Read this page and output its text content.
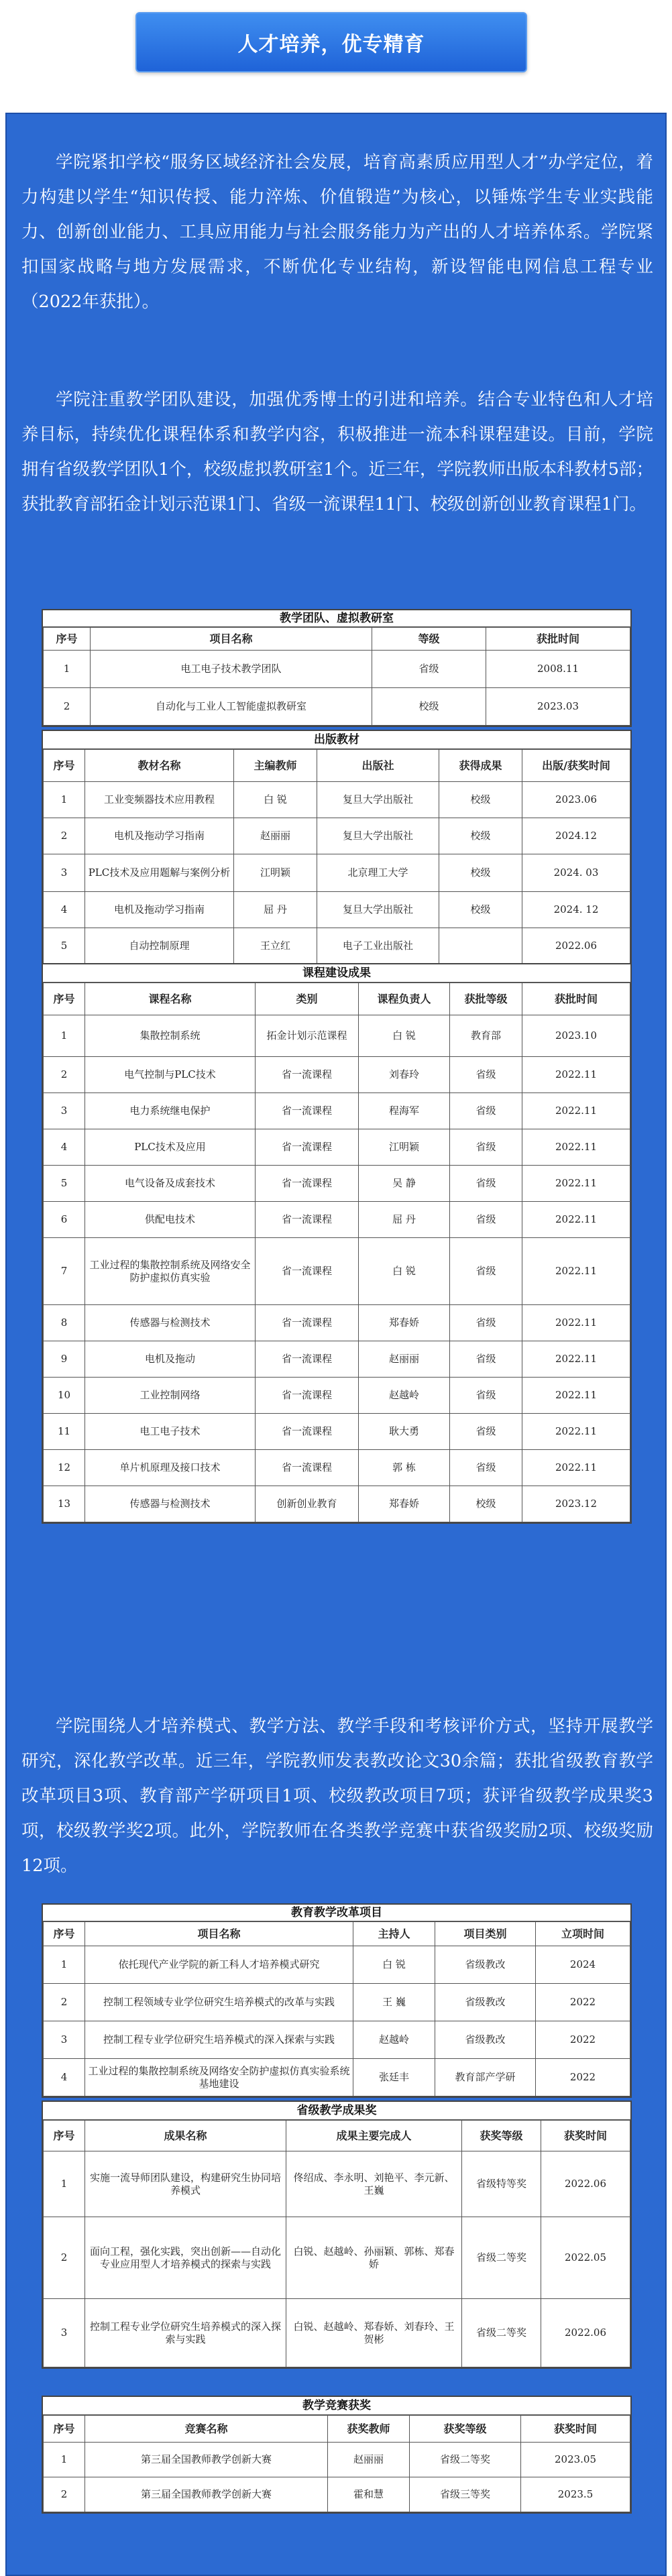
人才培养，优专精育

学院紧扣学校“服务区域经济社会发展，培育高素质应用型人才”办学定位，着力构建以学生“知识传授、能力淬炼、价值锻造”为核心，以锤炼学生专业实践能力、创新创业能力、工具应用能力与社会服务能力为产出的人才培养体系。学院紧扣国家战略与地方发展需求，不断优化专业结构，新设智能电网信息工程专业（2022年获批）。

学院注重教学团队建设，加强优秀博士的引进和培养。结合专业特色和人才培养目标，持续优化课程体系和教学内容，积极推进一流本科课程建设。目前，学院拥有省级教学团队1个，校级虚拟教研室1个。近三年，学院教师出版本科教材5部；获批教育部拓金计划示范课1门、省级一流课程11门、校级创新创业教育课程1门。

教学团队、虚拟教研室
序号	项目名称	等级	获批时间
1	电工电子技术教学团队	省级	2008.11
2	自动化与工业人工智能虚拟教研室	校级	2023.03
出版教材
序号	教材名称	主编教师	出版社	获得成果	出版/获奖时间
1	工业变频器技术应用教程	白 锐	复旦大学出版社	校级	2023.06
2	电机及拖动学习指南	赵丽丽	复旦大学出版社	校级	2024.12
3	PLC技术及应用题解与案例分析	江明颖	北京理工大学	校级	2024. 03
4	电机及拖动学习指南	屈 丹	复旦大学出版社	校级	2024. 12
5	自动控制原理	王立红	电子工业出版社		2022.06
课程建设成果
序号	课程名称	类别	课程负责人	获批等级	获批时间
1	集散控制系统	拓金计划示范课程	白 锐	教育部	2023.10
2	电气控制与PLC技术	省一流课程	刘春玲	省级	2022.11
3	电力系统继电保护	省一流课程	程海军	省级	2022.11
4	PLC技术及应用	省一流课程	江明颖	省级	2022.11
5	电气设备及成套技术	省一流课程	吴 静	省级	2022.11
6	供配电技术	省一流课程	屈 丹	省级	2022.11
7	工业过程的集散控制系统及网络安全防护虚拟仿真实验	省一流课程	白 锐	省级	2022.11
8	传感器与检测技术	省一流课程	郑春娇	省级	2022.11
9	电机及拖动	省一流课程	赵丽丽	省级	2022.11
10	工业控制网络	省一流课程	赵越岭	省级	2022.11
11	电工电子技术	省一流课程	耿大勇	省级	2022.11
12	单片机原理及接口技术	省一流课程	郭 栋	省级	2022.11
13	传感器与检测技术	创新创业教育	郑春娇	校级	2023.12

学院围绕人才培养模式、教学方法、教学手段和考核评价方式，坚持开展教学研究，深化教学改革。近三年，学院教师发表教改论文30余篇；获批省级教育教学改革项目3项、教育部产学研项目1项、校级教改项目7项；获评省级教学成果奖3项，校级教学奖2项。此外，学院教师在各类教学竞赛中获省级奖励2项、校级奖励12项。

教育教学改革项目
序号	项目名称	主持人	项目类别	立项时间
1	依托现代产业学院的新工科人才培养模式研究	白 锐	省级教改	2024
2	控制工程领域专业学位研究生培养模式的改革与实践	王 巍	省级教改	2022
3	控制工程专业学位研究生培养模式的深入探索与实践	赵越岭	省级教改	2022
4	工业过程的集散控制系统及网络安全防护虚拟仿真实验系统基地建设	张廷丰	教育部产学研	2022
省级教学成果奖
序号	成果名称	成果主要完成人	获奖等级	获奖时间
1	实施一流导师团队建设，构建研究生协同培养模式	佟绍成、李永明、刘艳平、李元新、王巍	省级特等奖	2022.06
2	面向工程，强化实践，突出创新——自动化专业应用型人才培养模式的探索与实践	白锐、赵越岭、孙丽颖、郭栋、郑春娇	省级二等奖	2022.05
3	控制工程专业学位研究生培养模式的深入探索与实践	白锐、赵越岭、郑春娇、刘春玲、王贺彬	省级二等奖	2022.06
教学竞赛获奖
序号	竞赛名称	获奖教师	获奖等级	获奖时间
1	第三届全国教师教学创新大赛	赵丽丽	省级二等奖	2023.05
2	第三届全国教师教学创新大赛	霍和慧	省级三等奖	2023.5
